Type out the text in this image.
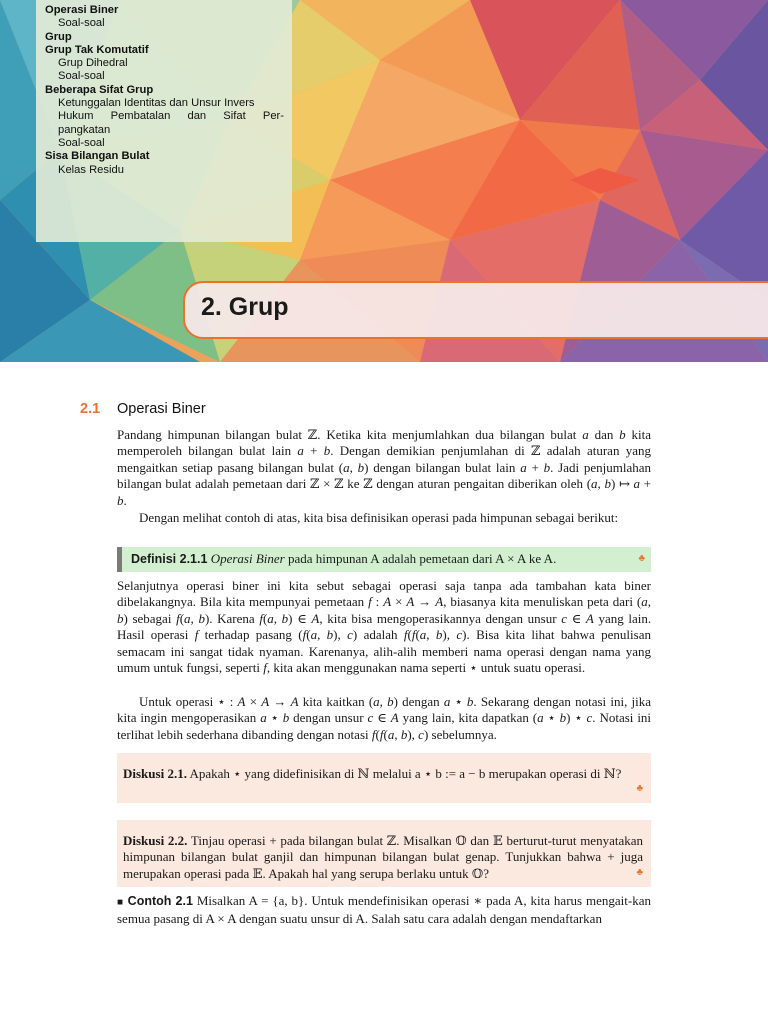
Operasi Biner
Soal-soal
Grup
Grup Tak Komutatif
Grup Dihedral
Soal-soal
Beberapa Sifat Grup
Ketunggalan Identitas dan Unsur Invers
Hukum Pembatalan dan Sifat Per-
pangkatan
Soal-soal
Sisa Bilangan Bulat
Kelas Residu
2. Grup
2.1 Operasi Biner
Pandang himpunan bilangan bulat ℤ. Ketika kita menjumlahkan dua bilangan bulat a dan b kita memperoleh bilangan bulat lain a + b. Dengan demikian penjumlahan di ℤ adalah aturan yang mengaitkan setiap pasang bilangan bulat (a, b) dengan bilangan bulat lain a + b. Jadi penjumlahan bilangan bulat adalah pemetaan dari ℤ × ℤ ke ℤ dengan aturan pengaitan diberikan oleh (a, b) ↦ a + b.
Dengan melihat contoh di atas, kita bisa definisikan operasi pada himpunan sebagai berikut:
Definisi 2.1.1 Operasi Biner pada himpunan A adalah pemetaan dari A × A ke A.	♣
Selanjutnya operasi biner ini kita sebut sebagai operasi saja tanpa ada tambahan kata biner dibelakangnya. Bila kita mempunyai pemetaan f : A × A → A, biasanya kita menuliskan peta dari (a, b) sebagai f(a, b). Karena f(a, b) ∈ A, kita bisa mengoperasikannya dengan unsur c ∈ A yang lain. Hasil operasi f terhadap pasang (f(a, b), c) adalah f(f(a, b), c). Bisa kita lihat bahwa penulisan semacam ini sangat tidak nyaman. Karenanya, alih-alih memberi nama operasi dengan nama yang umum untuk fungsi, seperti f, kita akan menggunakan nama seperti ⋆ untuk suatu operasi.
Untuk operasi ⋆ : A × A → A kita kaitkan (a, b) dengan a ⋆ b. Sekarang dengan notasi ini, jika kita ingin mengoperasikan a ⋆ b dengan unsur c ∈ A yang lain, kita dapatkan (a ⋆ b) ⋆ c. Notasi ini terlihat lebih sederhana dibanding dengan notasi f(f(a, b), c) sebelumnya.
Diskusi 2.1. Apakah ⋆ yang didefinisikan di ℕ melalui a ⋆ b := a − b merupakan operasi di ℕ?
♣
Diskusi 2.2. Tinjau operasi + pada bilangan bulat ℤ. Misalkan 𝕆 dan 𝔼 berturut-turut menyatakan himpunan bilangan bulat ganjil dan himpunan bilangan bulat genap. Tunjukkan bahwa + juga merupakan operasi pada 𝔼. Apakah hal yang serupa berlaku untuk 𝕆?	♣
■ Contoh 2.1 Misalkan A = {a, b}. Untuk mendefinisikan operasi ∗ pada A, kita harus mengait-kan semua pasang di A × A dengan suatu unsur di A. Salah satu cara adalah dengan mendaftarkan
